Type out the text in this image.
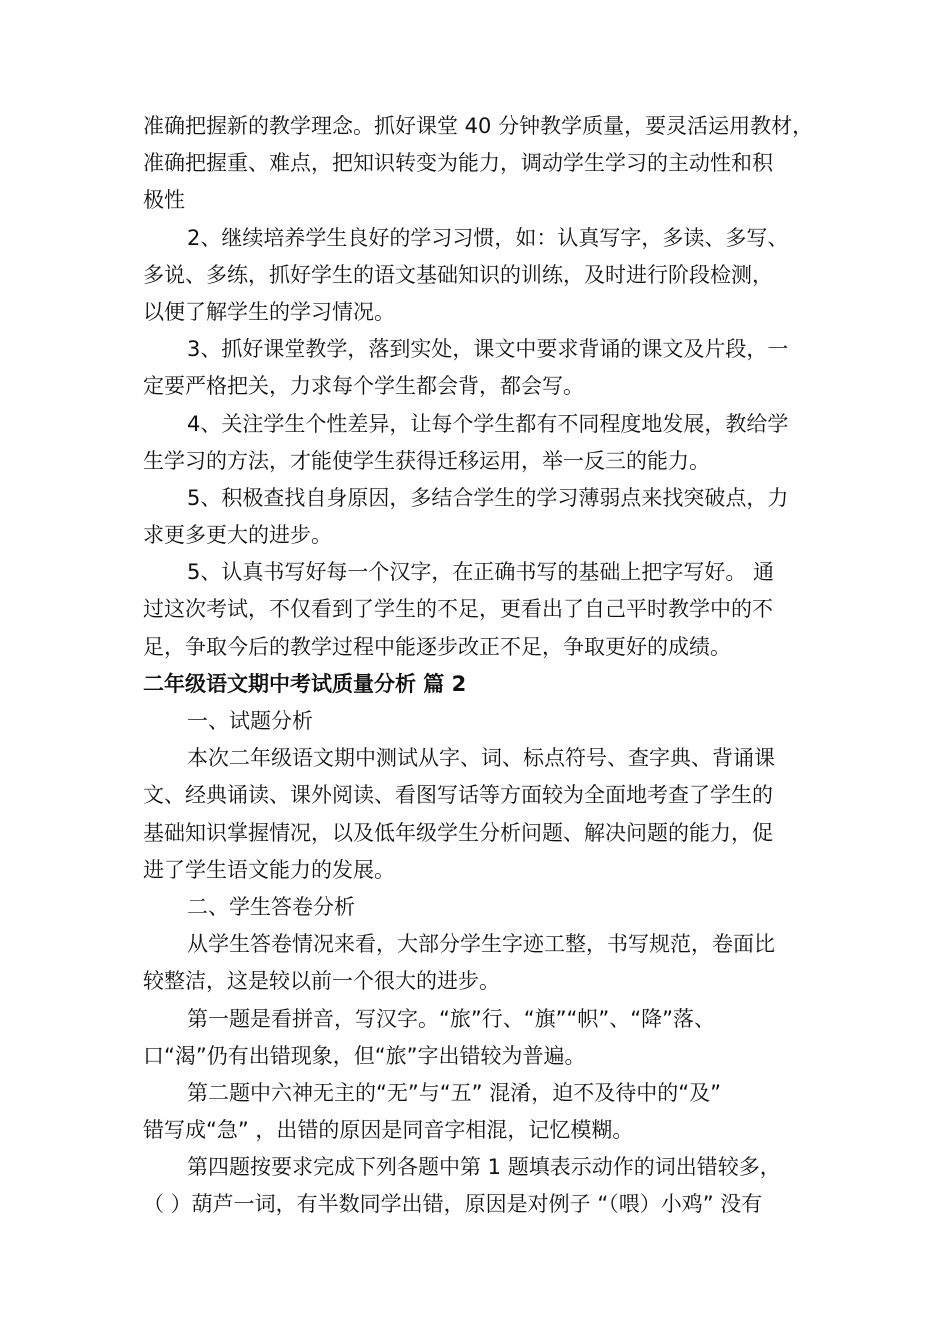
准确把握新的教学理念。抓好课堂 40 分钟教学质量，要灵活运用教材，
准确把握重、难点，把知识转变为能力，调动学生学习的主动性和积
极性
2、继续培养学生良好的学习习惯，如：认真写字，多读、多写、
多说、多练，抓好学生的语文基础知识的训练，及时进行阶段检测，
以便了解学生的学习情况。
3、抓好课堂教学，落到实处，课文中要求背诵的课文及片段，一
定要严格把关，力求每个学生都会背，都会写。
4、关注学生个性差异，让每个学生都有不同程度地发展，教给学
生学习的方法，才能使学生获得迁移运用，举一反三的能力。
5、积极查找自身原因，多结合学生的学习薄弱点来找突破点，力
求更多更大的进步。
5、认真书写好每一个汉字，在正确书写的基础上把字写好。 通
过这次考试，不仅看到了学生的不足，更看出了自己平时教学中的不
足，争取今后的教学过程中能逐步改正不足，争取更好的成绩。
二年级语文期中考试质量分析 篇 2
一、试题分析
本次二年级语文期中测试从字、词、标点符号、查字典、背诵课
文、经典诵读、课外阅读、看图写话等方面较为全面地考查了学生的
基础知识掌握情况，以及低年级学生分析问题、解决问题的能力，促
进了学生语文能力的发展。
二、学生答卷分析
从学生答卷情况来看，大部分学生字迹工整，书写规范，卷面比
较整洁，这是较以前一个很大的进步。
第一题是看拼音，写汉字。“旅”行、“旗”“帜”、“降”落、
口“渴”仍有出错现象，但“旅”字出错较为普遍。
第二题中六神无主的“无”与“五” 混淆，迫不及待中的“及”
错写成“急” ，出错的原因是同音字相混，记忆模糊。
第四题按要求完成下列各题中第 1 题填表示动作的词出错较多，
（ ）葫芦一词，有半数同学出错，原因是对例子 “（喂）小鸡” 没有
